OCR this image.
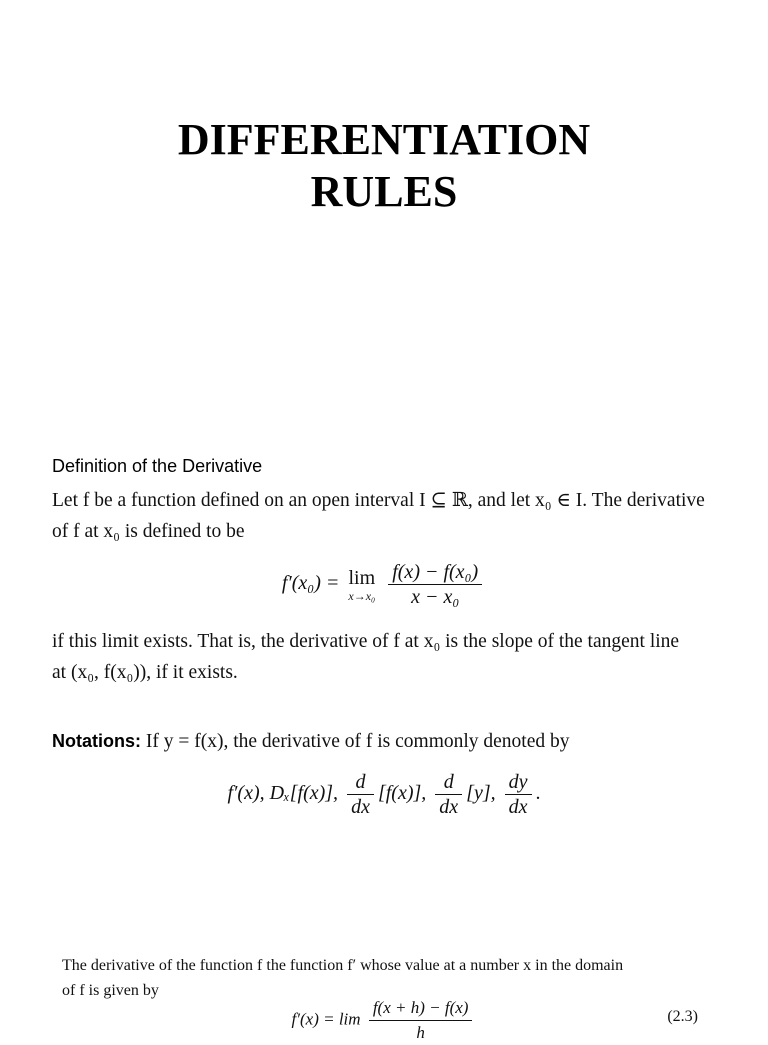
DIFFERENTIATION
RULES
Definition of the Derivative
Let f be a function defined on an open interval I ⊆ ℝ, and let x₀ ∈ I. The derivative
of f at x₀ is defined to be
f′(x₀) = lim
x→x₀
$\frac{\text{f(x) − f(x₀)}}{\text{x − x₀}}$
if this limit exists. That is, the derivative of f at x₀ is the slope of the tangent line
at (x₀, f(x₀)), if it exists.
Notations: If y = f(x), the derivative of f is commonly denoted by
f′(x), Dₓ[f(x)], $\frac{d}{dx} [f(x)]$, $\frac{d}{dx} [y]$, $\frac{dy}{dx}$ .
The derivative of the function f the function f′ whose value at a number x in the domain
of f is given by
$f'(x) = \lim \frac{f(x + h) - f(x)}{h}$	(2.3)
